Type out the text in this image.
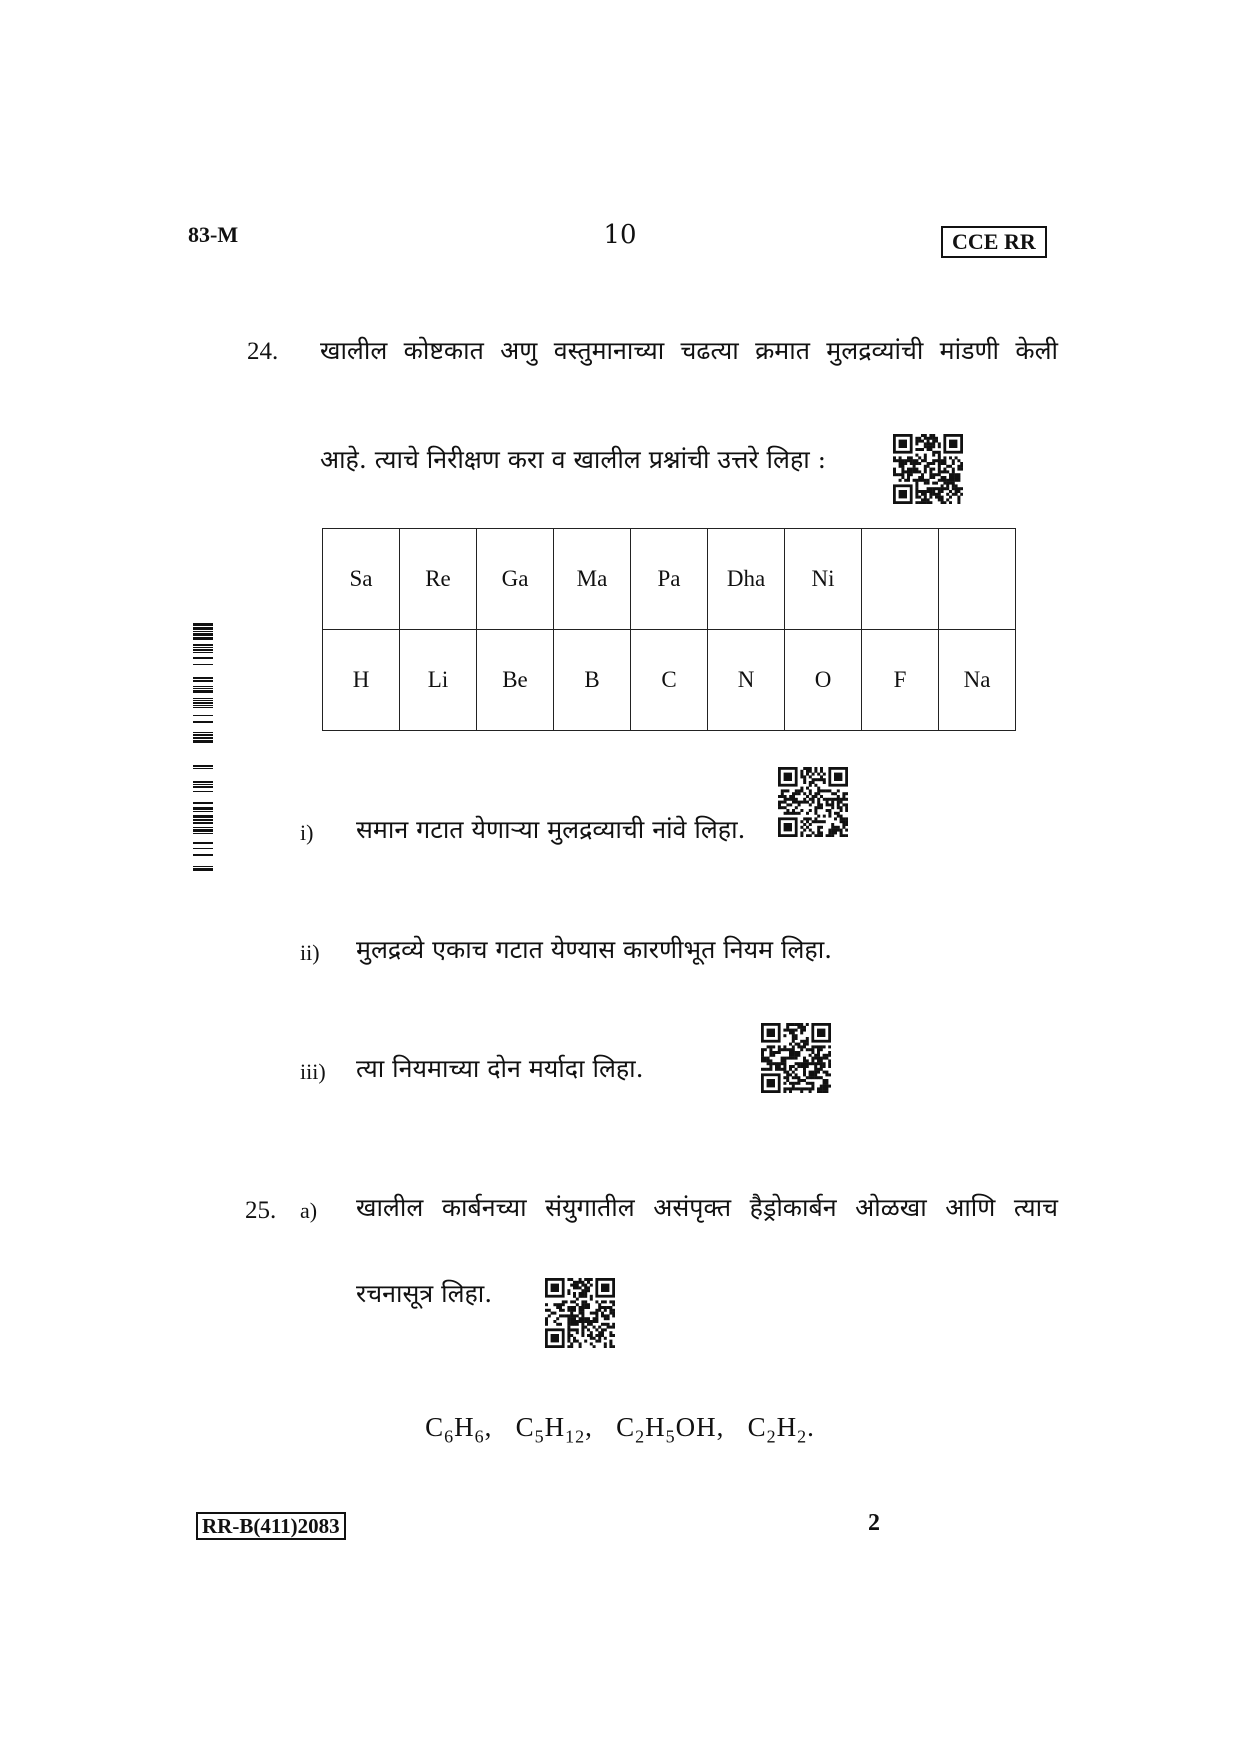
83-M	10	CCE RR
24. खालील कोष्टकात अणु वस्तुमानाच्या चढत्या क्रमात मुलद्रव्यांची मांडणी केली
आहे. त्याचे निरीक्षण करा व खालील प्रश्नांची उत्तरे लिहा :
Sa	Re	Ga	Ma	Pa	Dha	Ni		
H	Li	Be	B	C	N	O	F	Na
i) समान गटात येणाऱ्या मुलद्रव्याची नांवे लिहा.
ii) मुलद्रव्ये एकाच गटात येण्यास कारणीभूत नियम लिहा.
iii) त्या नियमाच्या दोन मर्यादा लिहा.
25. a) खालील कार्बनच्या संयुगातील असंपृक्त हैड्रोकार्बन ओळखा आणि त्याच
रचनासूत्र लिहा.
$C_6H_6$, $C_5H_{12}$, $C_2H_5OH$, $C_2H_2$.
RR-B(411)2083	2
